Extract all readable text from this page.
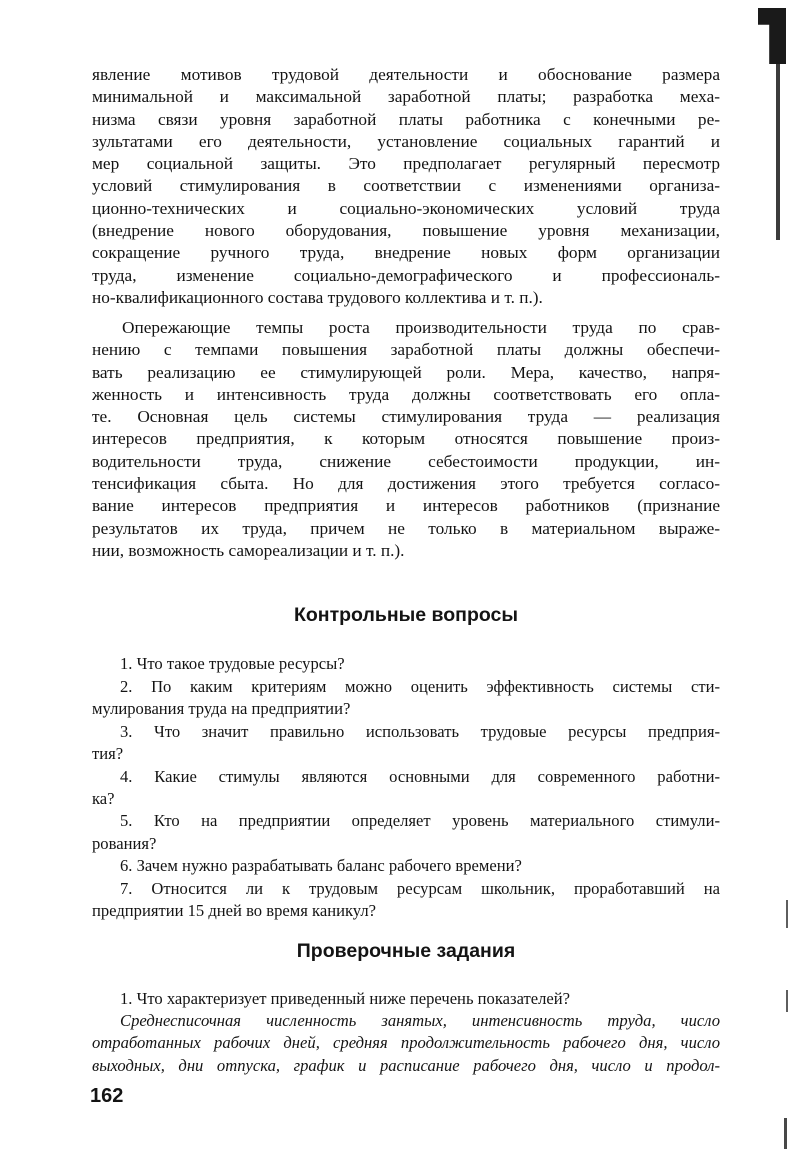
явление мотивов трудовой деятельности и обоснование размера
минимальной и максимальной заработной платы; разработка меха-
низма связи уровня заработной платы работника с конечными ре-
зультатами его деятельности, установление социальных гарантий и
мер социальной защиты. Это предполагает регулярный пересмотр
условий стимулирования в соответствии с изменениями организа-
ционно-технических и социально-экономических условий труда
(внедрение нового оборудования, повышение уровня механизации,
сокращение ручного труда, внедрение новых форм организации
труда, изменение социально-демографического и профессиональ-
но-квалификационного состава трудового коллектива и т. п.).

Опережающие темпы роста производительности труда по срав-
нению с темпами повышения заработной платы должны обеспечи-
вать реализацию ее стимулирующей роли. Мера, качество, напря-
женность и интенсивность труда должны соответствовать его опла-
те. Основная цель системы стимулирования труда — реализация
интересов предприятия, к которым относятся повышение произ-
водительности труда, снижение себестоимости продукции, ин-
тенсификация сбыта. Но для достижения этого требуется согласо-
вание интересов предприятия и интересов работников (признание
результатов их труда, причем не только в материальном выраже-
нии, возможность самореализации и т. п.).

Контрольные вопросы
1. Что такое трудовые ресурсы?
2. По каким критериям можно оценить эффективность системы сти-
мулирования труда на предприятии?
3. Что значит правильно использовать трудовые ресурсы предприя-
тия?
4. Какие стимулы являются основными для современного работни-
ка?
5. Кто на предприятии определяет уровень материального стимули-
рования?
6. Зачем нужно разрабатывать баланс рабочего времени?
7. Относится ли к трудовым ресурсам школьник, проработавший на
предприятии 15 дней во время каникул?
Проверочные задания
1. Что характеризует приведенный ниже перечень показателей?
Среднесписочная численность занятых, интенсивность труда, число
отработанных рабочих дней, средняя продолжительность рабочего дня, число
выходных, дни отпуска, график и расписание рабочего дня, число и продол-
162
